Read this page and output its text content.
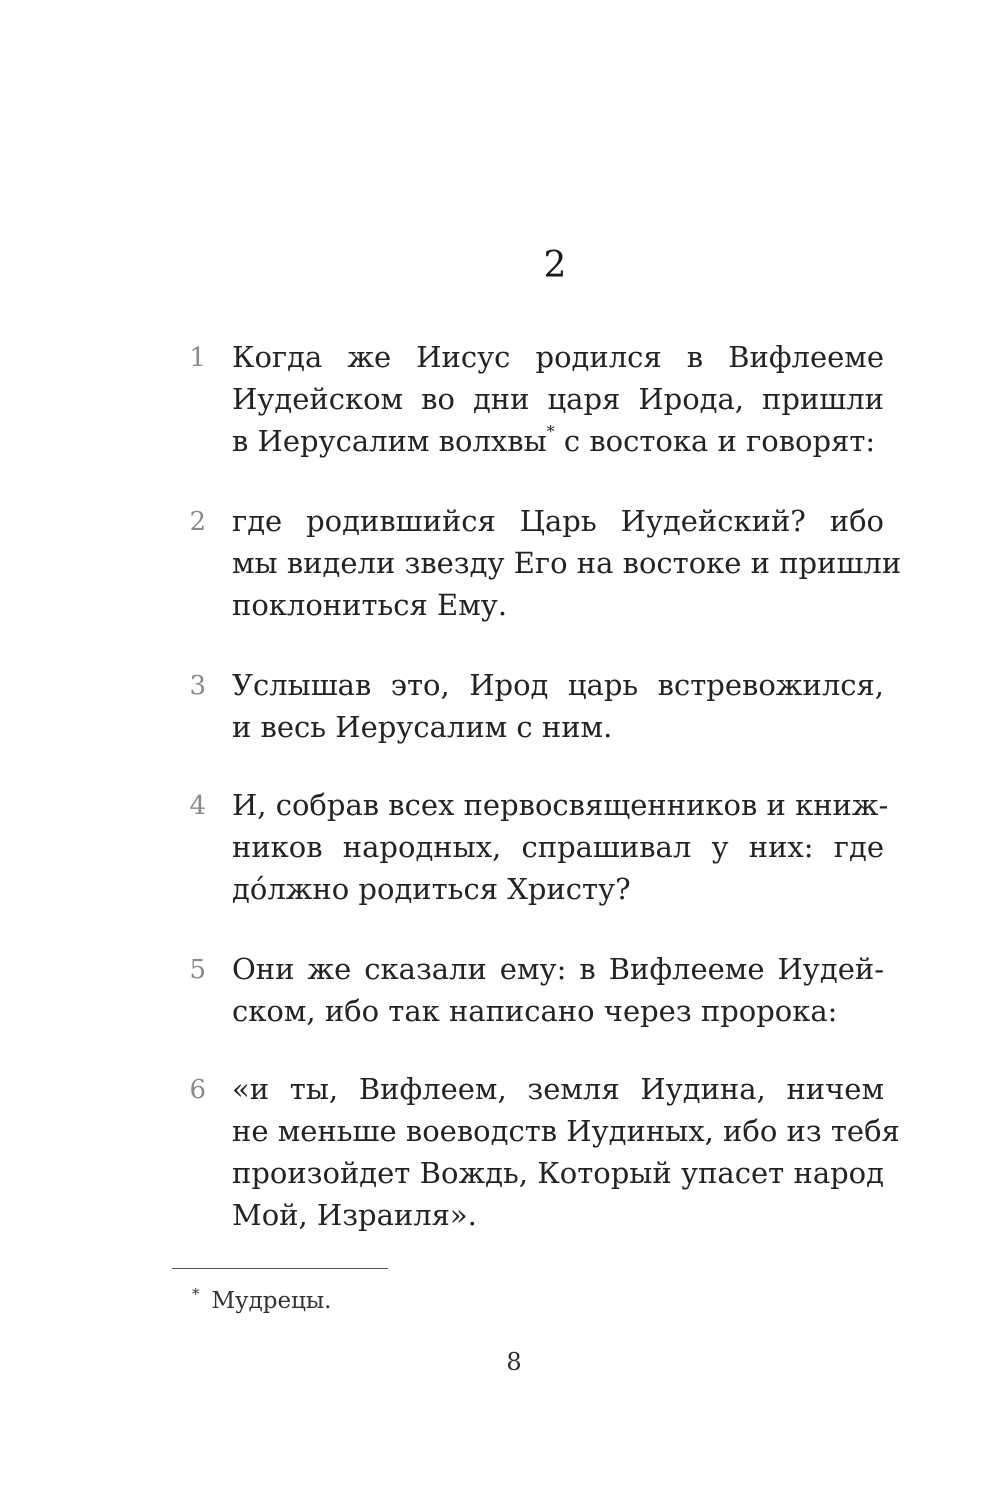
2
1 Когда же Иисус родился в Вифлееме
Иудейском во дни царя Ирода, пришли
в Иерусалим волхвы* с востока и говорят:
2 где родившийся Царь Иудейский? ибо
мы видели звезду Его на востоке и пришли
поклониться Ему.
3 Услышав это, Ирод царь встревожился,
и весь Иерусалим с ним.
4 И, собрав всех первосвященников и книж-
ников народных, спрашивал у них: где
до́лжно родиться Христу?
5 Они же сказали ему: в Вифлееме Иудей-
ском, ибо так написано через пророка:
6 «и ты, Вифлеем, земля Иудина, ничем
не меньше воеводств Иудиных, ибо из тебя
произойдет Вождь, Который упасет народ
Мой, Израиля».
* Мудрецы.
8
